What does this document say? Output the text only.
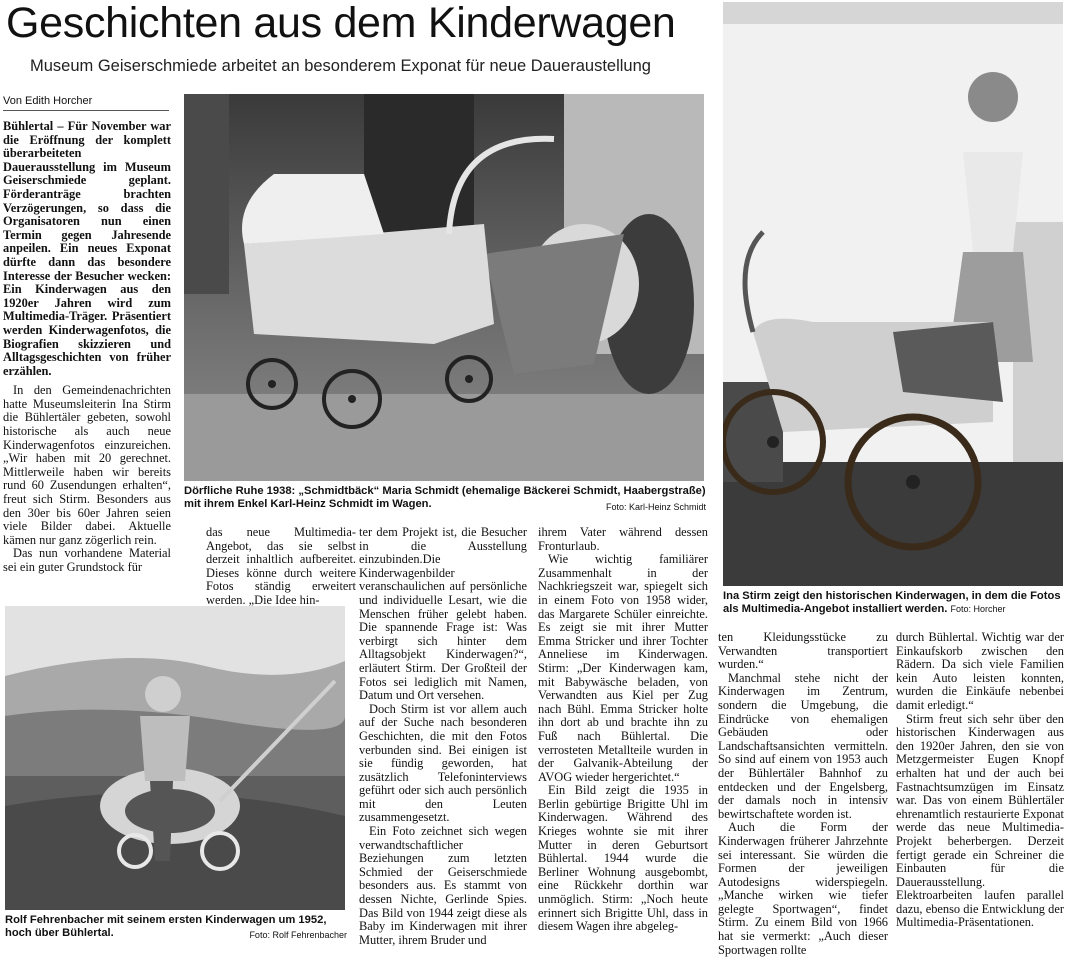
Geschichten aus dem Kinderwagen
Museum Geiserschmiede arbeitet an besonderem Exponat für neue Daueraustellung
Von Edith Horcher

Bühlertal – Für November war die Eröffnung der komplett überarbeiteten Dauerausstellung im Museum Geiserschmiede geplant. Förderanträge brachten Verzögerungen, so dass die Organisatoren nun einen Termin gegen Jahresende anpeilen. Ein neues Exponat dürfte dann das besondere Interesse der Besucher wecken: Ein Kinderwagen aus den 1920er Jahren wird zum Multimedia-Träger. Präsentiert werden Kinderwagenfotos, die Biografien skizzieren und Alltagsgeschichten von früher erzählen.

In den Gemeindenachrichten hatte Museumsleiterin Ina Stirm die Bühlertäler gebeten, sowohl historische als auch neue Kinderwagenfotos einzureichen. „Wir haben mit 20 gerechnet. Mittlerweile haben wir bereits rund 60 Zusendungen erhalten“, freut sich Stirm. Besonders aus den 30er bis 60er Jahren seien viele Bilder dabei. Aktuelle kämen nur ganz zögerlich rein.

Das nun vorhandene Material sei ein guter Grundstock für

Dörfliche Ruhe 1938: „Schmidtbäck“ Maria Schmidt (ehemalige Bäckerei Schmidt, Haabergstraße) mit ihrem Enkel Karl-Heinz Schmidt im Wagen.	Foto: Karl-Heinz Schmidt
Ina Stirm zeigt den historischen Kinderwagen, in dem die Fotos als Multimedia-Angebot installiert werden. Foto: Horcher
Rolf Fehrenbacher mit seinem ersten Kinderwagen um 1952, hoch über Bühlertal.	Foto: Rolf Fehrenbacher

das neue Multimedia-Angebot, das sie selbst derzeit inhaltlich aufbereitet. Dieses könne durch weitere Fotos ständig erweitert werden. „Die Idee hin-

ter dem Projekt ist, die Besucher in die Ausstellung einzubinden.Die Kinderwagenbilder veranschaulichen auf persönliche und individuelle Lesart, wie die Menschen früher gelebt haben. Die spannende Frage ist: Was verbirgt sich hinter dem Alltagsobjekt Kinderwagen?“, erläutert Stirm. Der Großteil der Fotos sei lediglich mit Namen, Datum und Ort versehen.

Doch Stirm ist vor allem auch auf der Suche nach besonderen Geschichten, die mit den Fotos verbunden sind. Bei einigen ist sie fündig geworden, hat zusätzlich Telefoninterviews geführt oder sich auch persönlich mit den Leuten zusammengesetzt.

Ein Foto zeichnet sich wegen verwandtschaftlicher Beziehungen zum letzten Schmied der Geiserschmiede besonders aus. Es stammt von dessen Nichte, Gerlinde Spies. Das Bild von 1944 zeigt diese als Baby im Kinderwagen mit ihrer Mutter, ihrem Bruder und

ihrem Vater während dessen Fronturlaub.

Wie wichtig familiärer Zusammenhalt in der Nachkriegszeit war, spiegelt sich in einem Foto von 1958 wider, das Margarete Schüler einreichte. Es zeigt sie mit ihrer Mutter Emma Stricker und ihrer Tochter Anneliese im Kinderwagen. Stirm: „Der Kinderwagen kam, mit Babywäsche beladen, von Verwandten aus Kiel per Zug nach Bühl. Emma Stricker holte ihn dort ab und brachte ihn zu Fuß nach Bühlertal. Die verrosteten Metallteile wurden in der Galvanik-Abteilung der AVOG wieder hergerichtet.“

Ein Bild zeigt die 1935 in Berlin gebürtige Brigitte Uhl im Kinderwagen. Während des Krieges wohnte sie mit ihrer Mutter in deren Geburtsort Bühlertal. 1944 wurde die Berliner Wohnung ausgebombt, eine Rückkehr dorthin war unmöglich. Stirm: „Noch heute erinnert sich Brigitte Uhl, dass in diesem Wagen ihre abgeleg-

ten Kleidungsstücke zu Verwandten transportiert wurden.“

Manchmal stehe nicht der Kinderwagen im Zentrum, sondern die Umgebung, die Eindrücke von ehemaligen Gebäuden oder Landschaftsansichten vermitteln. So sind auf einem von 1953 auch der Bühlertäler Bahnhof zu entdecken und der Engelsberg, der damals noch in intensiv bewirtschaftete worden ist.

Auch die Form der Kinderwagen früherer Jahrzehnte sei interessant. Sie würden die Formen der jeweiligen Autodesigns widerspiegeln. „Manche wirken wie tiefer gelegte Sportwagen“, findet Stirm. Zu einem Bild von 1966 hat sie vermerkt: „Auch dieser Sportwagen rollte

durch Bühlertal. Wichtig war der Einkaufskorb zwischen den Rädern. Da sich viele Familien kein Auto leisten konnten, wurden die Einkäufe nebenbei damit erledigt.“

Stirm freut sich sehr über den historischen Kinderwagen aus den 1920er Jahren, den sie von Metzgermeister Eugen Knopf erhalten hat und der auch bei Fastnachtsumzügen im Einsatz war. Das von einem Bühlertäler ehrenamtlich restaurierte Exponat werde das neue Multimedia-Projekt beherbergen. Derzeit fertigt gerade ein Schreiner die Einbauten für die Dauerausstellung. Elektroarbeiten laufen parallel dazu, ebenso die Entwicklung der Multimedia-Präsentationen.
